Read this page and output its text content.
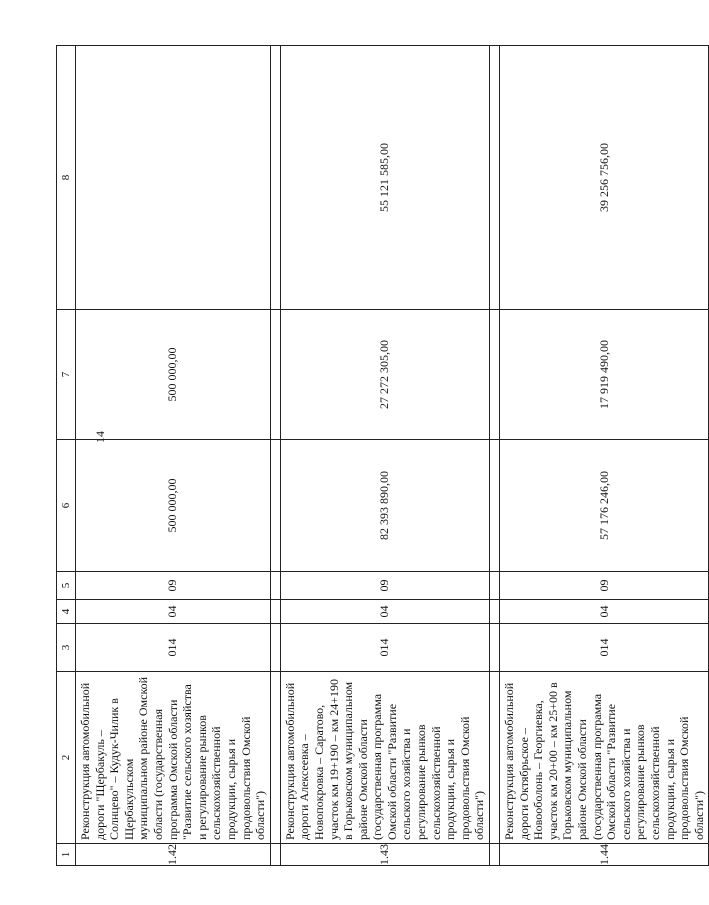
14
1	2	3	4	5	6	7	8
1.42	Реконструкция автомобильной дороги "Щербакуль – Солнцево" – Кудук-Чилик в Щербакульском муниципальном районе Омской области (государственная программа Омской области "Развитие сельского хозяйства и регулирование рынков сельскохозяйственной продукции, сырья и продовольствия Омской области")	014	04	09	500 000,00	500 000,00	

1.43	Реконструкция автомобильной дороги Алексеевка – Новопокровка – Саратово, участок км 19+190 – км 24+190 в Горьковском муниципальном районе Омской области (государственная программа Омской области "Развитие сельского хозяйства и регулирование рынков сельскохозяйственной продукции, сырья и продовольствия Омской области")	014	04	09	82 393 890,00	27 272 305,00	55 121 585,00

1.44	Реконструкция автомобильной дороги Октябрьское – Новооболонь – Георгиевка, участок км 20+00 – км 25+00 в Горьковском муниципальном районе Омской области (государственная программа Омской области "Развитие сельского хозяйства и регулирование рынков сельскохозяйственной продукции, сырья и продовольствия Омской области")	014	04	09	57 176 246,00	17 919 490,00	39 256 756,00
